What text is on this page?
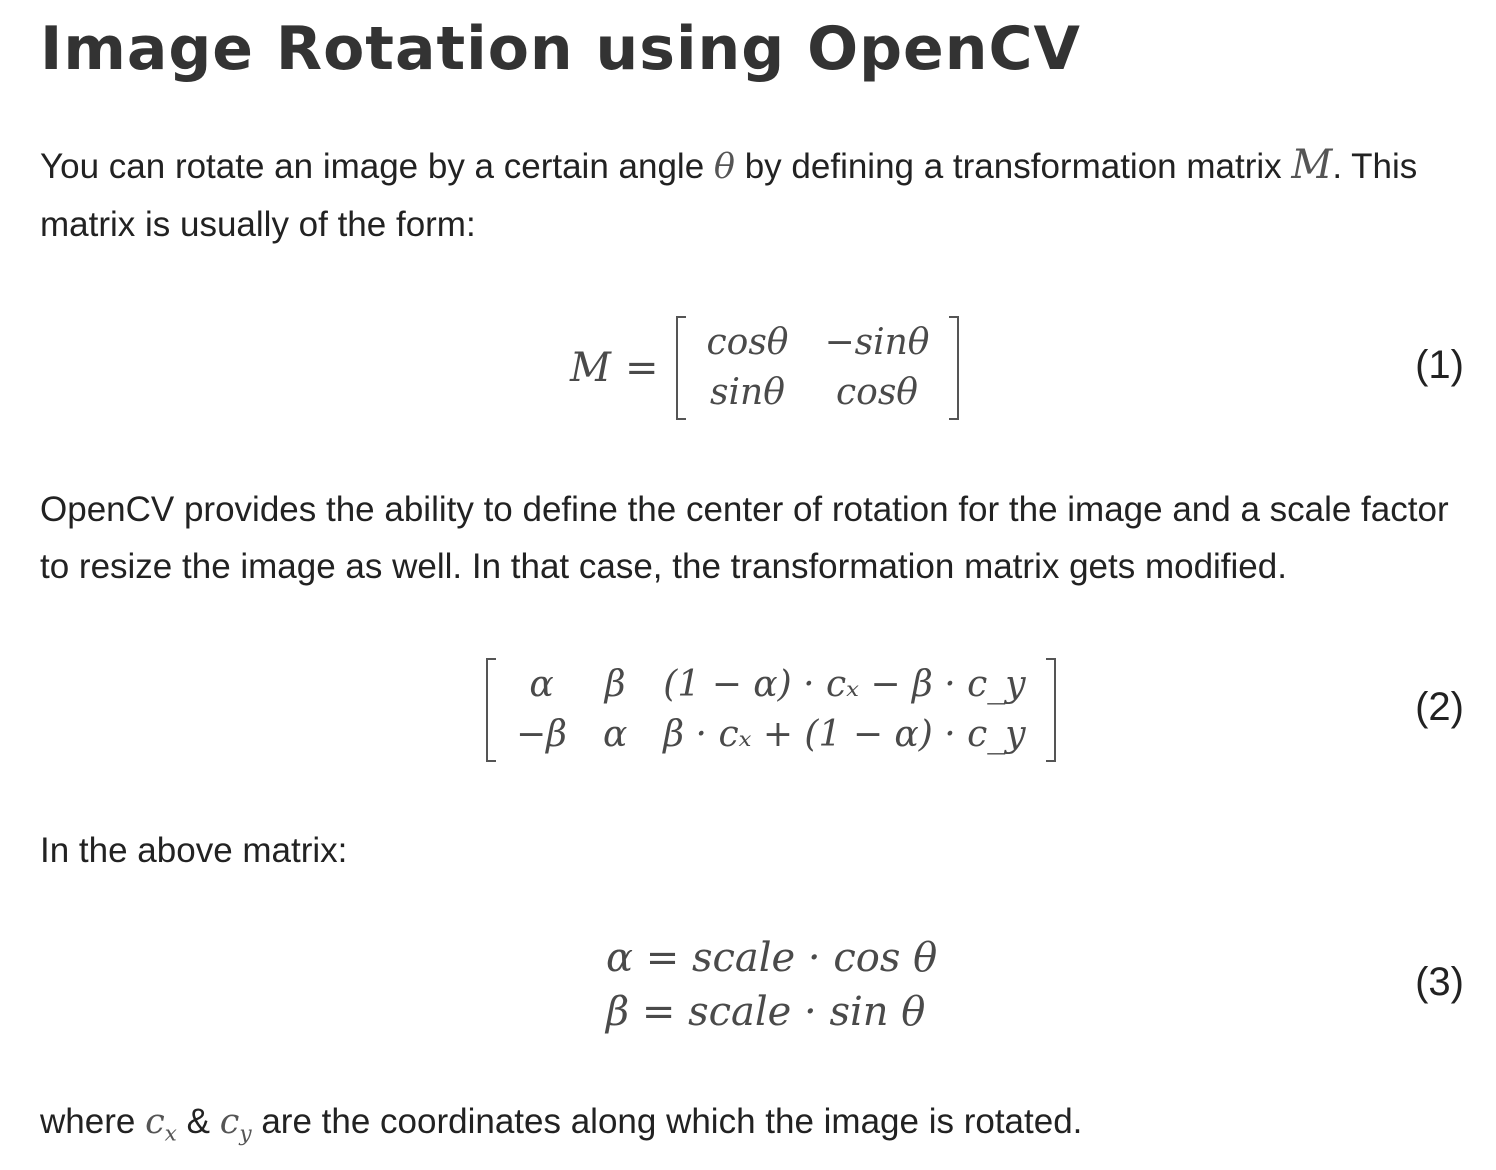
Image Rotation using OpenCV

You can rotate an image by a certain angle θ by defining a transformation matrix M. This matrix is usually of the form:

M =
cosθ	−sinθ
sinθ	cosθ
(1)

OpenCV provides the ability to define the center of rotation for the image and a scale factor to resize the image as well. In that case, the transformation matrix gets modified.

α	β	(1 − α) · cₓ − β · c_y
−β	α	β · cₓ + (1 − α) · c_y
(2)

In the above matrix:

α = scale · cos θ
β = scale · sin θ
(3)

where $c_x$ & $c_y$ are the coordinates along which the image is rotated.
